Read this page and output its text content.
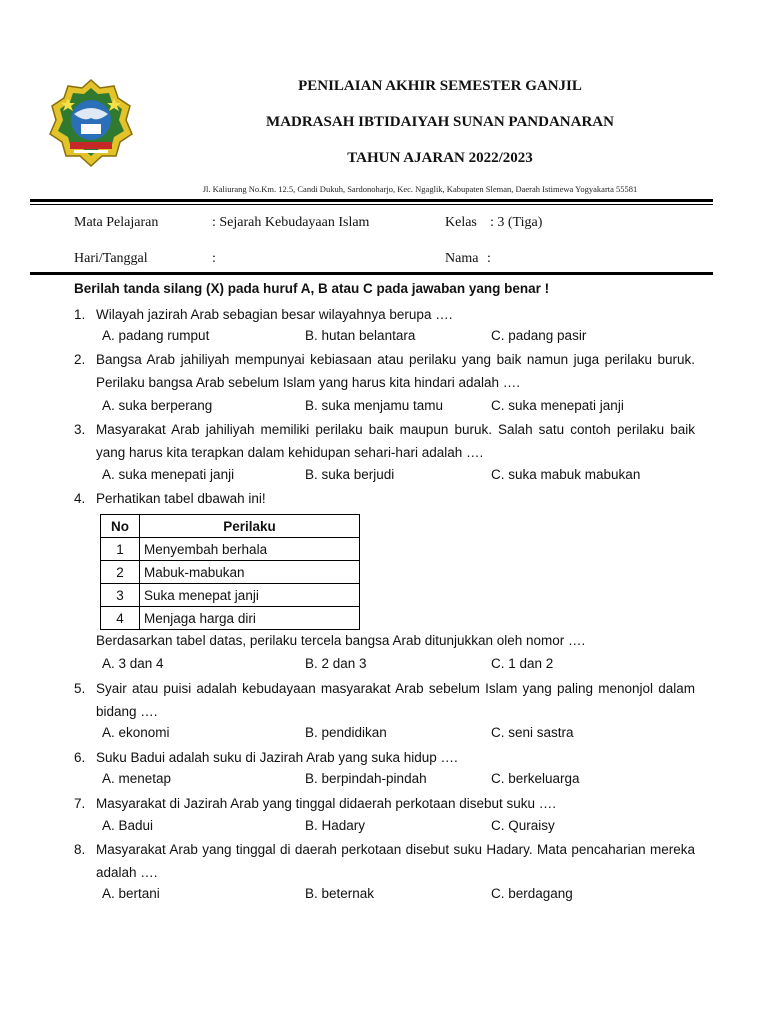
PENILAIAN AKHIR SEMESTER GANJIL
MADRASAH IBTIDAIYAH SUNAN PANDANARAN
TAHUN AJARAN 2022/2023
Jl. Kaliurang No.Km. 12.5, Candi Dukuh, Sardonoharjo, Kec. Ngaglik, Kabupaten Sleman, Daerah Istimewa Yogyakarta 55581
Mata Pelajaran	: Sejarah Kebudayaan Islam	Kelas : 3 (Tiga)
Hari/Tanggal	:	Nama :
Berilah tanda silang (X) pada huruf A, B atau C pada jawaban yang benar !
1. Wilayah jazirah Arab sebagian besar wilayahnya berupa ….
A. padang rumput	B. hutan belantara	C. padang pasir
2. Bangsa Arab jahiliyah mempunyai kebiasaan atau perilaku yang baik namun juga perilaku buruk. Perilaku bangsa Arab sebelum Islam yang harus kita hindari adalah ….
A. suka berperang	B. suka menjamu tamu	C. suka menepati janji
3. Masyarakat Arab jahiliyah memiliki perilaku baik maupun buruk. Salah satu contoh perilaku baik yang harus kita terapkan dalam kehidupan sehari-hari adalah ….
A. suka menepati janji	B. suka berjudi	C. suka mabuk mabukan
4. Perhatikan tabel dbawah ini!
No	Perilaku
1	Menyembah berhala
2	Mabuk-mabukan
3	Suka menepat janji
4	Menjaga harga diri
Berdasarkan tabel datas, perilaku tercela bangsa Arab ditunjukkan oleh nomor ….
A. 3 dan 4	B. 2 dan 3	C. 1 dan 2
5. Syair atau puisi adalah kebudayaan masyarakat Arab sebelum Islam yang paling menonjol dalam bidang ….
A. ekonomi	B. pendidikan	C. seni sastra
6. Suku Badui adalah suku di Jazirah Arab yang suka hidup ….
A. menetap	B. berpindah-pindah	C. berkeluarga
7. Masyarakat di Jazirah Arab yang tinggal didaerah perkotaan disebut suku ….
A. Badui	B. Hadary	C. Quraisy
8. Masyarakat Arab yang tinggal di daerah perkotaan disebut suku Hadary. Mata pencaharian mereka adalah ….
A. bertani	B. beternak	C. berdagang
